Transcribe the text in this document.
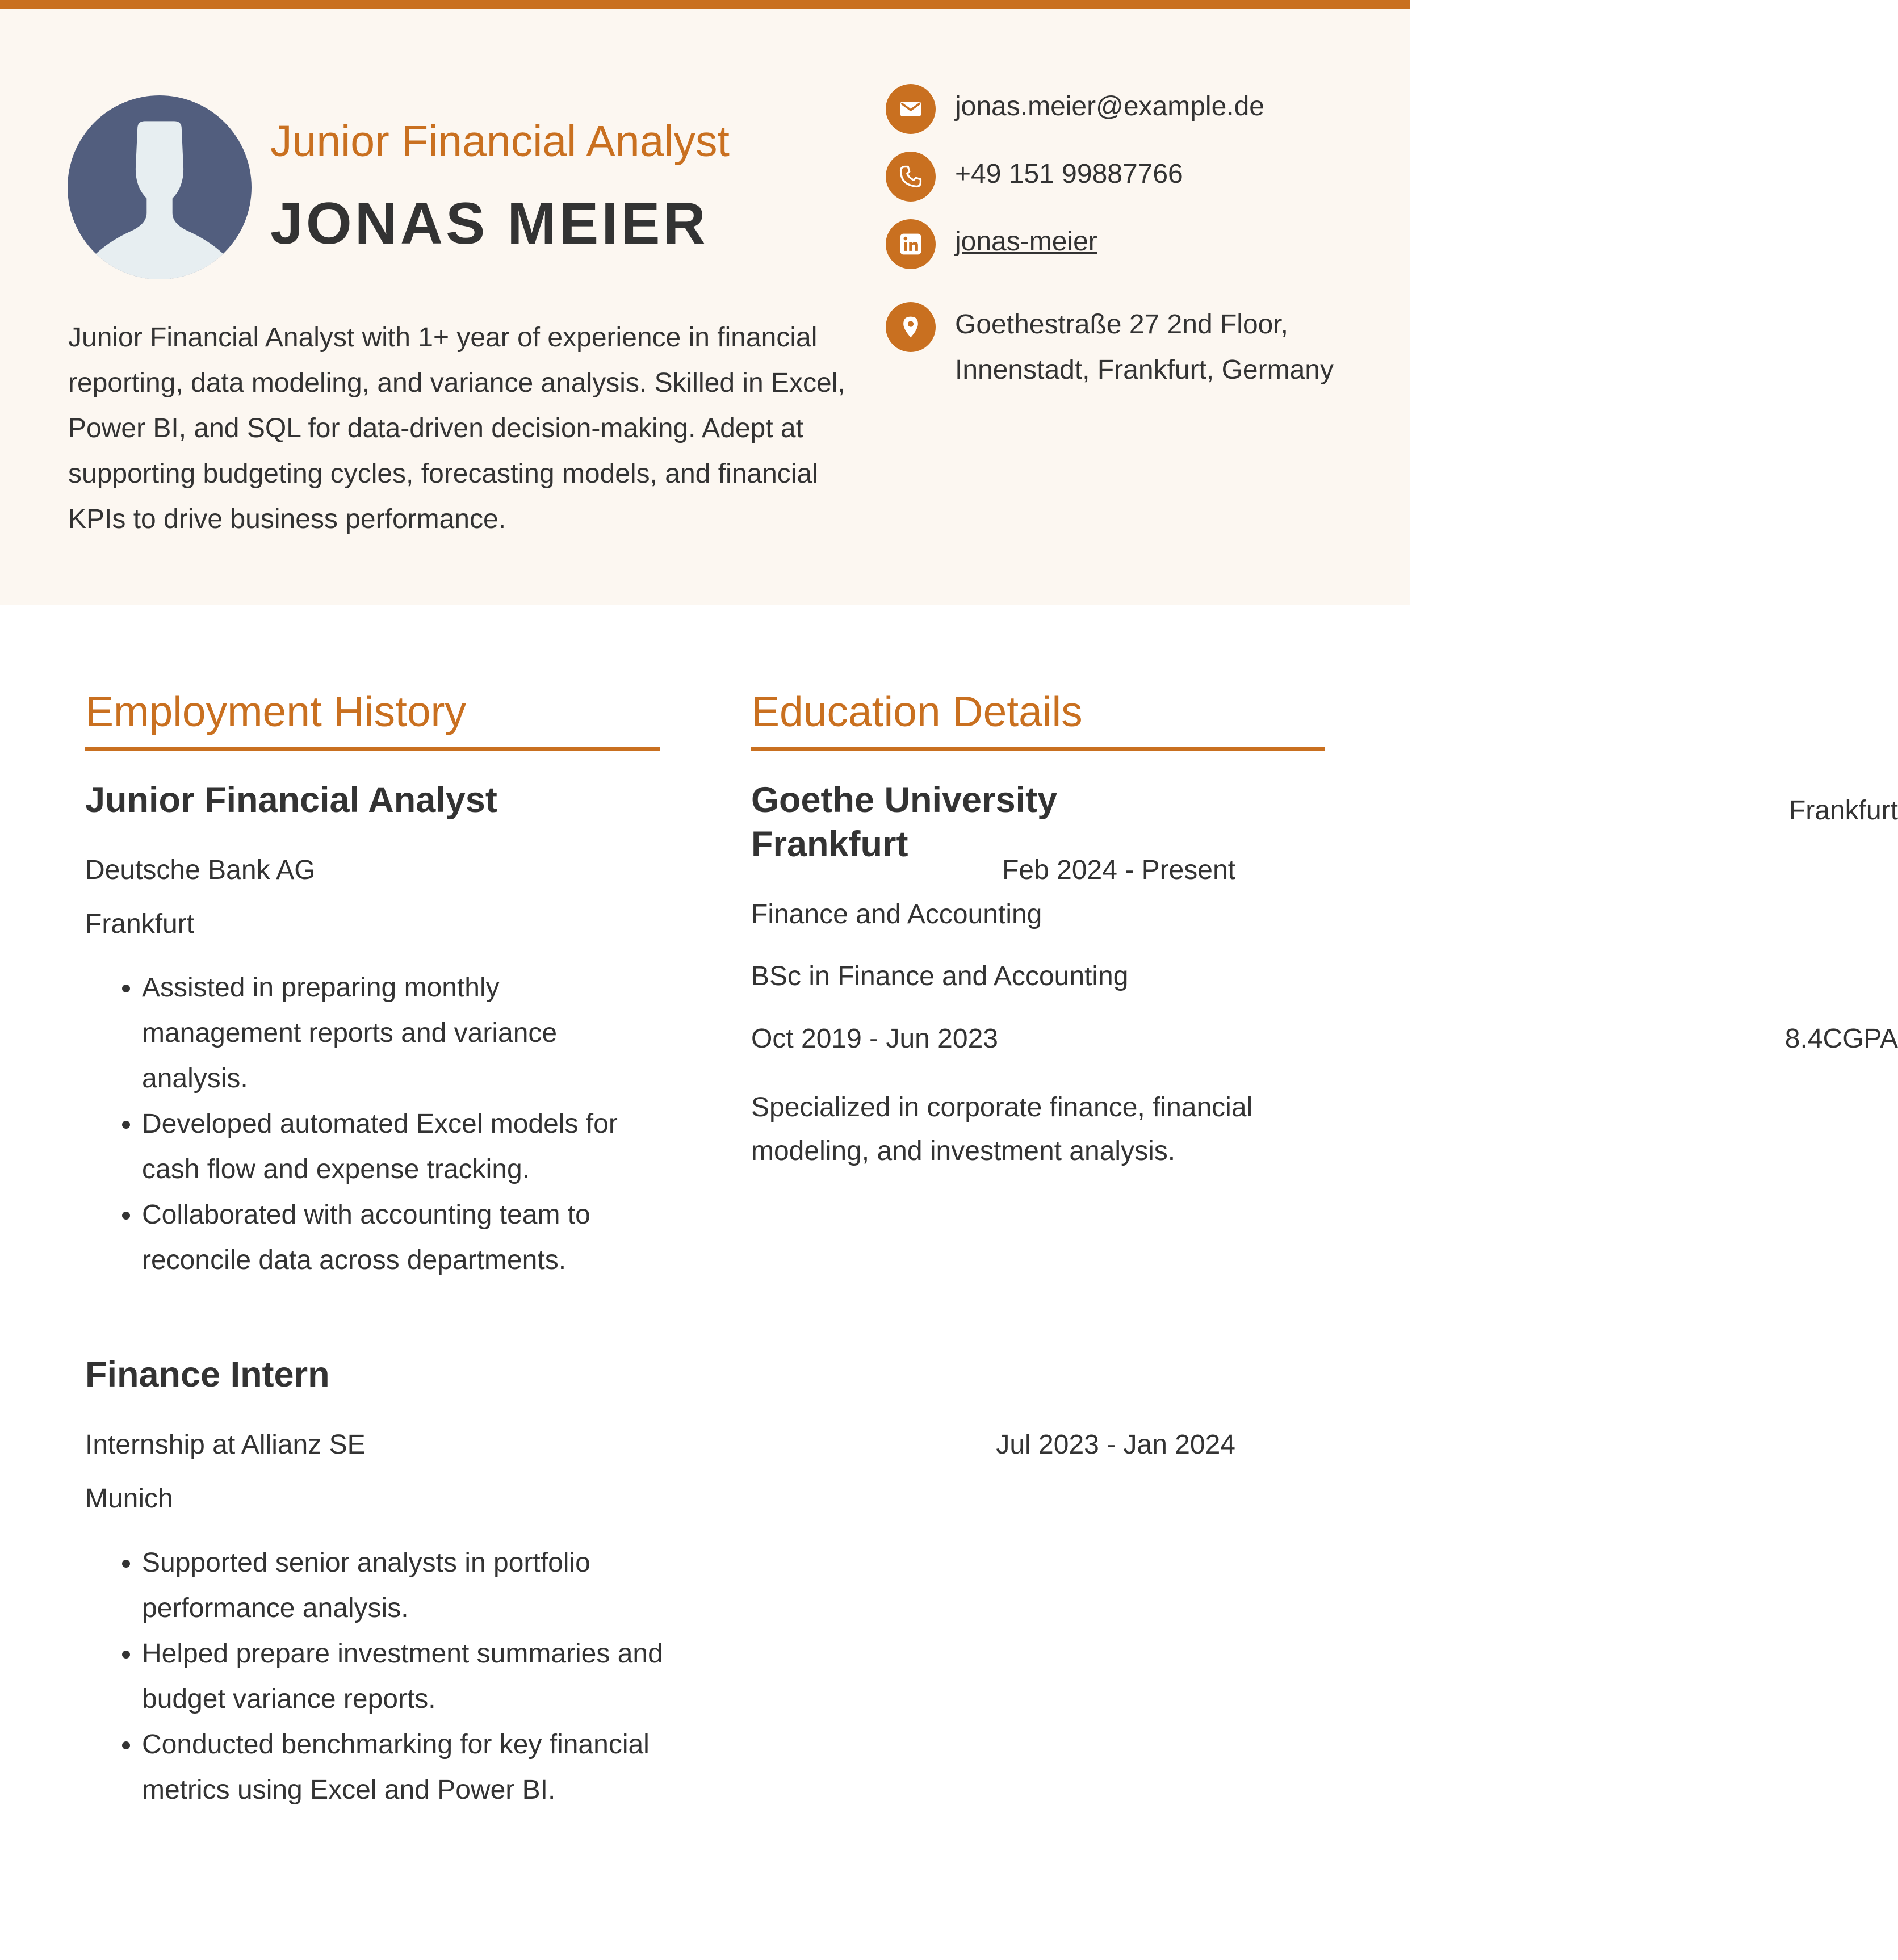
Junior Financial Analyst
JONAS MEIER
Junior Financial Analyst with 1+ year of experience in financial reporting, data modeling, and variance analysis. Skilled in Excel, Power BI, and SQL for data-driven decision-making. Adept at supporting budgeting cycles, forecasting models, and financial KPIs to drive business performance.
jonas.meier@example.de
+49 151 99887766
jonas-meier
Goethestraße 27 2nd Floor,
Innenstadt, Frankfurt, Germany
Employment History
Junior Financial Analyst
Deutsche Bank AG	Feb 2024 - Present
Frankfurt
• Assisted in preparing monthly management reports and variance analysis.
• Developed automated Excel models for cash flow and expense tracking.
• Collaborated with accounting team to reconcile data across departments.
Finance Intern
Internship at Allianz SE	Jul 2023 - Jan 2024
Munich
• Supported senior analysts in portfolio performance analysis.
• Helped prepare investment summaries and budget variance reports.
• Conducted benchmarking for key financial metrics using Excel and Power BI.
Education Details
Goethe University
Frankfurt
Frankfurt
Finance and Accounting
BSc in Finance and Accounting
Oct 2019 - Jun 2023	8.4CGPA
Specialized in corporate finance, financial modeling, and investment analysis.
